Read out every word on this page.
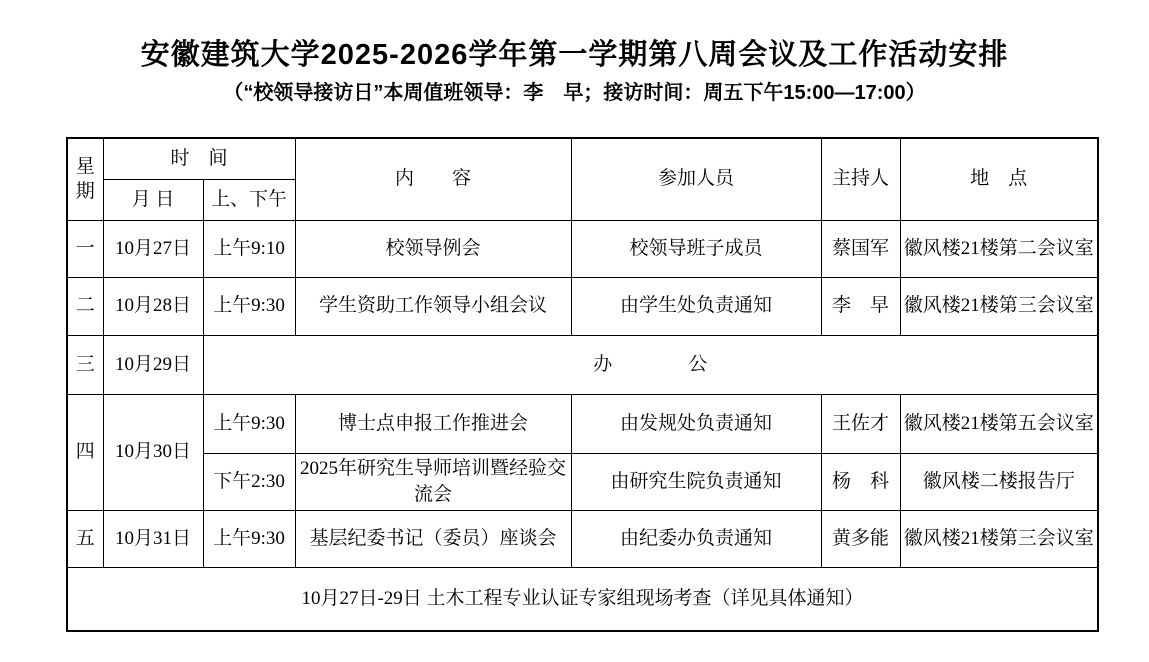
安徽建筑大学2025-2026学年第一学期第八周会议及工作活动安排
（“校领导接访日”本周值班领导：李　早；接访时间：周五下午15:00—17:00）
星期	时　间		内　　容	参加人员	主持人	地　点
	月 日	上、下午				
一	10月27日	上午9:10	校领导例会	校领导班子成员	蔡国军	徽风楼21楼第二会议室
二	10月28日	上午9:30	学生资助工作领导小组会议	由学生处负责通知	李　早	徽风楼21楼第三会议室
三	10月29日	办　　　　公				
四	10月30日	上午9:30	博士点申报工作推进会	由发规处负责通知	王佐才	徽风楼21楼第五会议室
		下午2:30	2025年研究生导师培训暨经验交流会	由研究生院负责通知	杨　科	徽风楼二楼报告厅
五	10月31日	上午9:30	基层纪委书记（委员）座谈会	由纪委办负责通知	黄多能	徽风楼21楼第三会议室
10月27日-29日 土木工程专业认证专家组现场考查（详见具体通知）						
